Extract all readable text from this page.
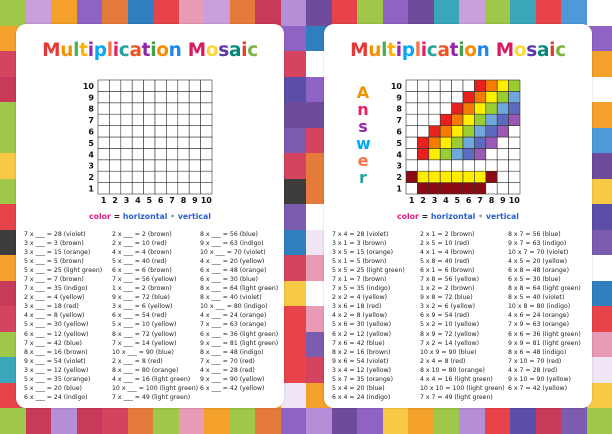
Multiplication Mosaic
10
9
8
7
6
5
4
3
2
1
1 2 3 4 5 6 7 8 9 10
color = horizontal • vertical
7 x ___ = 28 (violet)
3 x ___ = 3 (brown)
3 x ___ = 15 (orange)
5 x ___ = 5 (brown)
5 x ___ = 25 (light green)
7 x ___ = 7 (brown)
7 x ___ = 35 (indigo)
2 x ___ = 4 (yellow)
3 x ___ = 18 (red)
4 x ___ = 8 (yellow)
5 x ___ = 30 (yellow)
6 x ___ = 12 (yellow)
7 x ___ = 42 (blue)
8 x ___ = 16 (brown)
9 x ___ = 54 (violet)
3 x ___ = 12 (yellow)
5 x ___ = 35 (orange)
5 x ___ = 20 (blue)
6 x ___ = 24 (indigo)
2 x ___ = 2 (brown)
2 x ___ = 10 (red)
4 x ___ = 4 (brown)
5 x ___ = 40 (red)
6 x ___ = 6 (brown)
7 x ___ = 56 (yellow)
1 x ___ = 2 (brown)
9 x ___ = 72 (blue)
3 x ___ = 6 (yellow)
6 x ___ = 54 (red)
5 x ___ = 10 (yellow)
8 x ___ = 72 (yellow)
7 x ___ = 14 (yellow)
10 x ___ = 90 (blue)
2 x ___ = 8 (red)
8 x ___ = 80 (orange)
4 x ___ = 16 (light green)
10 x ___ = 100 (light green)
7 x ___ = 49 (light green)
8 x ___ = 56 (blue)
9 x ___ = 63 (indigo)
10 x ___ = 70 (violet)
4 x ___ = 20 (yellow)
6 x ___ = 48 (orange)
6 x ___ = 30 (blue)
8 x ___ = 64 (light green)
8 x ___ = 40 (violet)
10 x ___ = 80 (indigo)
4 x ___ = 24 (orange)
7 x ___ = 63 (orange)
6 x ___ = 36 (light green)
9 x ___ = 81 (light green)
8 x ___ = 48 (indigo)
7 x ___ = 70 (red)
4 x ___ = 28 (red)
9 x ___ = 90 (yellow)
6 x ___ = 42 (yellow)
Multiplication Mosaic
A
n
s
w
e
r
10
9
8
7
6
5
4
3
2
1
1 2 3 4 5 6 7 8 9 10
color = horizontal • vertical
7 x 4 = 28 (violet)
3 x 1 = 3 (brown)
3 x 5 = 15 (orange)
5 x 1 = 5 (brown)
5 x 5 = 25 (light green)
7 x 1 = 7 (brown)
7 x 5 = 35 (indigo)
2 x 2 = 4 (yellow)
3 x 6 = 18 (red)
4 x 2 = 8 (yellow)
5 x 6 = 30 (yellow)
6 x 2 = 12 (yellow)
7 x 6 = 42 (blue)
8 x 2 = 16 (brown)
9 x 6 = 54 (violet)
3 x 4 = 12 (yellow)
5 x 7 = 35 (orange)
5 x 4 = 20 (blue)
6 x 4 = 24 (indigo)
2 x 1 = 2 (brown)
2 x 5 = 10 (red)
4 x 1 = 4 (brown)
5 x 8 = 40 (red)
6 x 1 = 6 (brown)
7 x 8 = 56 (yellow)
1 x 2 = 2 (brown)
9 x 8 = 72 (blue)
3 x 2 = 6 (yellow)
6 x 9 = 54 (red)
5 x 2 = 10 (yellow)
8 x 9 = 72 (yellow)
7 x 2 = 14 (yellow)
10 x 9 = 90 (blue)
2 x 4 = 8 (red)
8 x 10 = 80 (orange)
4 x 4 = 16 (light green)
10 x 10 = 100 (light green)
7 x 7 = 49 (light green)
8 x 7 = 56 (blue)
9 x 7 = 63 (indigo)
10 x 7 = 70 (violet)
4 x 5 = 20 (yellow)
6 x 8 = 48 (orange)
6 x 5 = 30 (blue)
8 x 8 = 64 (light green)
8 x 5 = 40 (violet)
10 x 8 = 80 (indigo)
4 x 6 = 24 (orange)
7 x 9 = 63 (orange)
6 x 6 = 36 (light green)
9 x 9 = 81 (light green)
8 x 6 = 48 (indigo)
7 x 10 = 70 (red)
4 x 7 = 28 (red)
9 x 10 = 90 (yellow)
6 x 7 = 42 (yellow)
